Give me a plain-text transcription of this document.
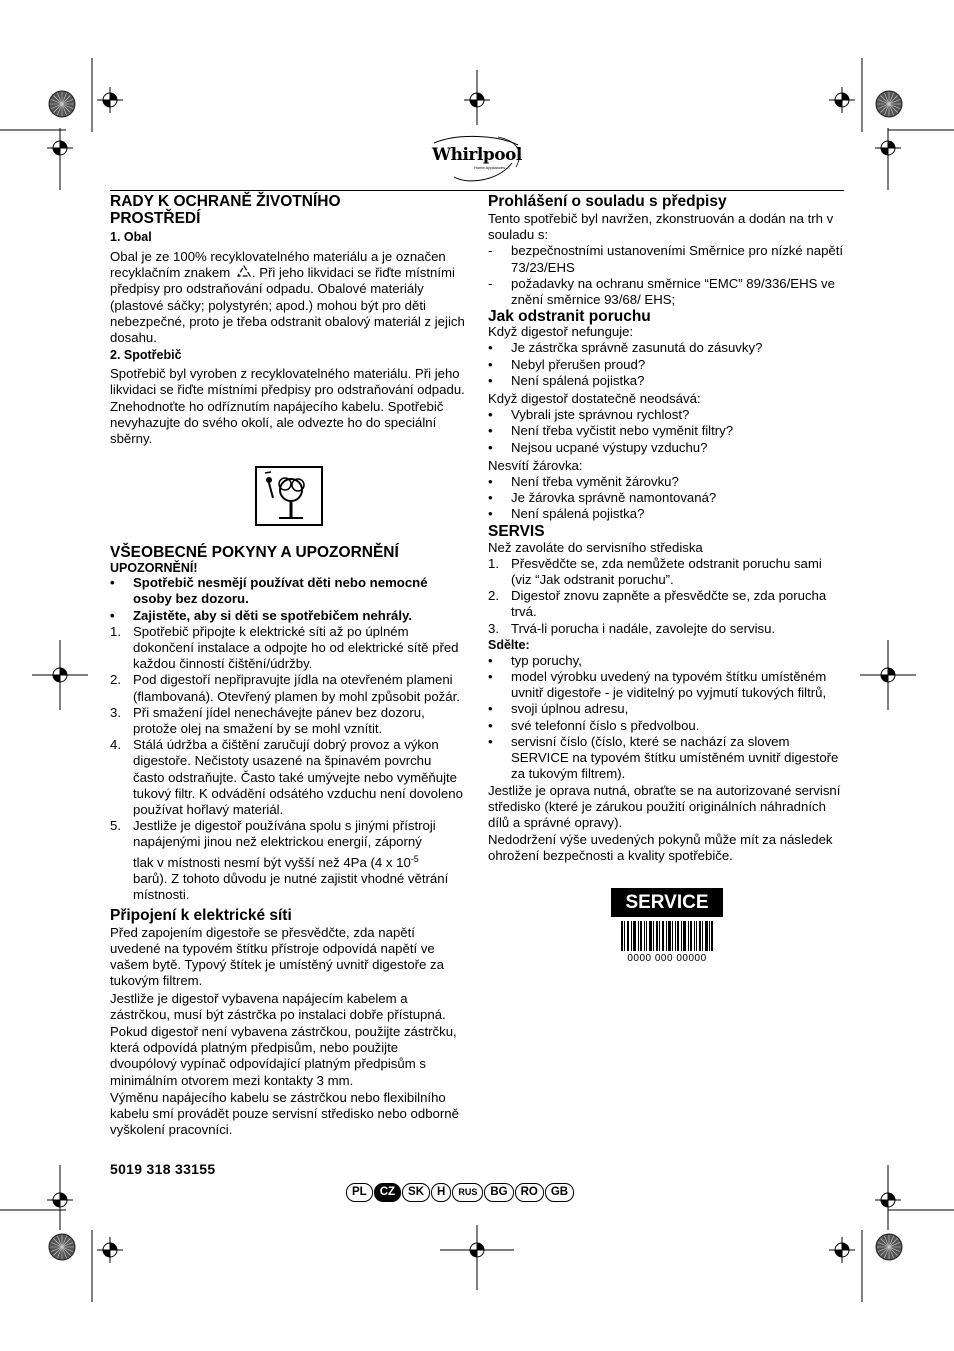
Whirlpool
Home Appliances
RADY K OCHRANĚ ŽIVOTNÍHO PROSTŘEDÍ
1. Obal

Obal je ze 100% recyklovatelného materiálu a je označen recyklačním znakem . Při jeho likvidaci se řiďte místními předpisy pro odstraňování odpadu. Obalové materiály (plastové sáčky; polystyrén; apod.) mohou být pro děti nebezpečné, proto je třeba odstranit obalový materiál z jejich dosahu.

2. Spotřebič

Spotřebič byl vyroben z recyklovatelného materiálu. Při jeho likvidaci se řiďte místními předpisy pro odstraňování odpadu. Znehodnoťte ho odříznutím napájecího kabelu. Spotřebič nevyhazujte do svého okolí, ale odvezte ho do speciální sběrny.

VŠEOBECNÉ POKYNY A UPOZORNĚNÍ
UPOZORNĚNÍ!
•	Spotřebič nesmějí používat děti nebo nemocné osoby bez dozoru.
•	Zajistěte, aby si děti se spotřebičem nehrály.
1. Spotřebič připojte k elektrické síti až po úplném dokončení instalace a odpojte ho od elektrické sítě před každou činností čištění/údržby.
2. Pod digestoří nepřipravujte jídla na otevřeném plameni (flambovaná). Otevřený plamen by mohl způsobit požár.
3. Při smažení jídel nenechávejte pánev bez dozoru, protože olej na smažení by se mohl vznítit.
4. Stálá údržba a čištění zaručují dobrý provoz a výkon digestoře. Nečistoty usazené na špinavém povrchu často odstraňujte. Často také umývejte nebo vyměňujte tukový filtr. K odvádění odsátého vzduchu není dovoleno používat hořlavý materiál.
5. Jestliže je digestoř používána spolu s jinými přístroji napájenými jinou než elektrickou energií, záporný
tlak v místnosti nesmí být vyšší než 4Pa (4 x $10^{-5}$
barů). Z tohoto důvodu je nutné zajistit vhodné větrání místnosti.
Připojení k elektrické síti

Před zapojením digestoře se přesvědčte, zda napětí uvedené na typovém štítku přístroje odpovídá napětí ve vašem bytě. Typový štítek je umístěný uvnitř digestoře za tukovým filtrem.

Jestliže je digestoř vybavena napájecím kabelem a zástrčkou, musí být zástrčka po instalaci dobře přístupná.

Pokud digestoř není vybavena zástrčkou, použijte zástrčku, která odpovídá platným předpisům, nebo použijte dvoupólový vypínač odpovídající platným předpisům s minimálním otvorem mezi kontakty 3 mm.

Výměnu napájecího kabelu se zástrčkou nebo flexibilního kabelu smí provádět pouze servisní středisko nebo odborně vyškolení pracovníci.

5019 318 33155
Prohlášení o souladu s předpisy

Tento spotřebič byl navržen, zkonstruován a dodán na trh v souladu s:

-	bezpečnostními ustanoveními Směrnice pro nízké napětí 73/23/EHS
-	požadavky na ochranu směrnice “EMC” 89/336/EHS ve znění směrnice 93/68/ EHS;
Jak odstranit poruchu

Když digestoř nefunguje:

•	Je zástrčka správně zasunutá do zásuvky?
•	Nebyl přerušen proud?
•	Není spálená pojistka?

Když digestoř dostatečně neodsává:

•	Vybrali jste správnou rychlost?
•	Není třeba vyčistit nebo vyměnit filtry?
•	Nejsou ucpané výstupy vzduchu?

Nesvítí žárovka:

•	Není třeba vyměnit žárovku?
•	Je žárovka správně namontovaná?
•	Není spálená pojistka?
SERVIS

Než zavoláte do servisního střediska

1. Přesvědčte se, zda nemůžete odstranit poruchu sami (viz “Jak odstranit poruchu”.
2. Digestoř znovu zapněte a přesvědčte se, zda porucha trvá.
3. Trvá-li porucha i nadále, zavolejte do servisu.
Sdělte:
•	typ poruchy,
•	model výrobku uvedený na typovém štítku umístěném uvnitř digestoře - je viditelný po vyjmutí tukových filtrů,
•	svoji úplnou adresu,
•	své telefonní číslo s předvolbou.
•	servisní číslo (číslo, které se nachází za slovem SERVICE na typovém štítku umístěném uvnitř digestoře za tukovým filtrem).

Jestliže je oprava nutná, obraťte se na autorizované servisní středisko (které je zárukou použití originálních náhradních dílů a správné opravy).

Nedodržení výše uvedených pokynů může mít za následek ohrožení bezpečnosti a kvality spotřebiče.

SERVICE
0000 000 00000
PL CZ SK H RUS BG RO GB
